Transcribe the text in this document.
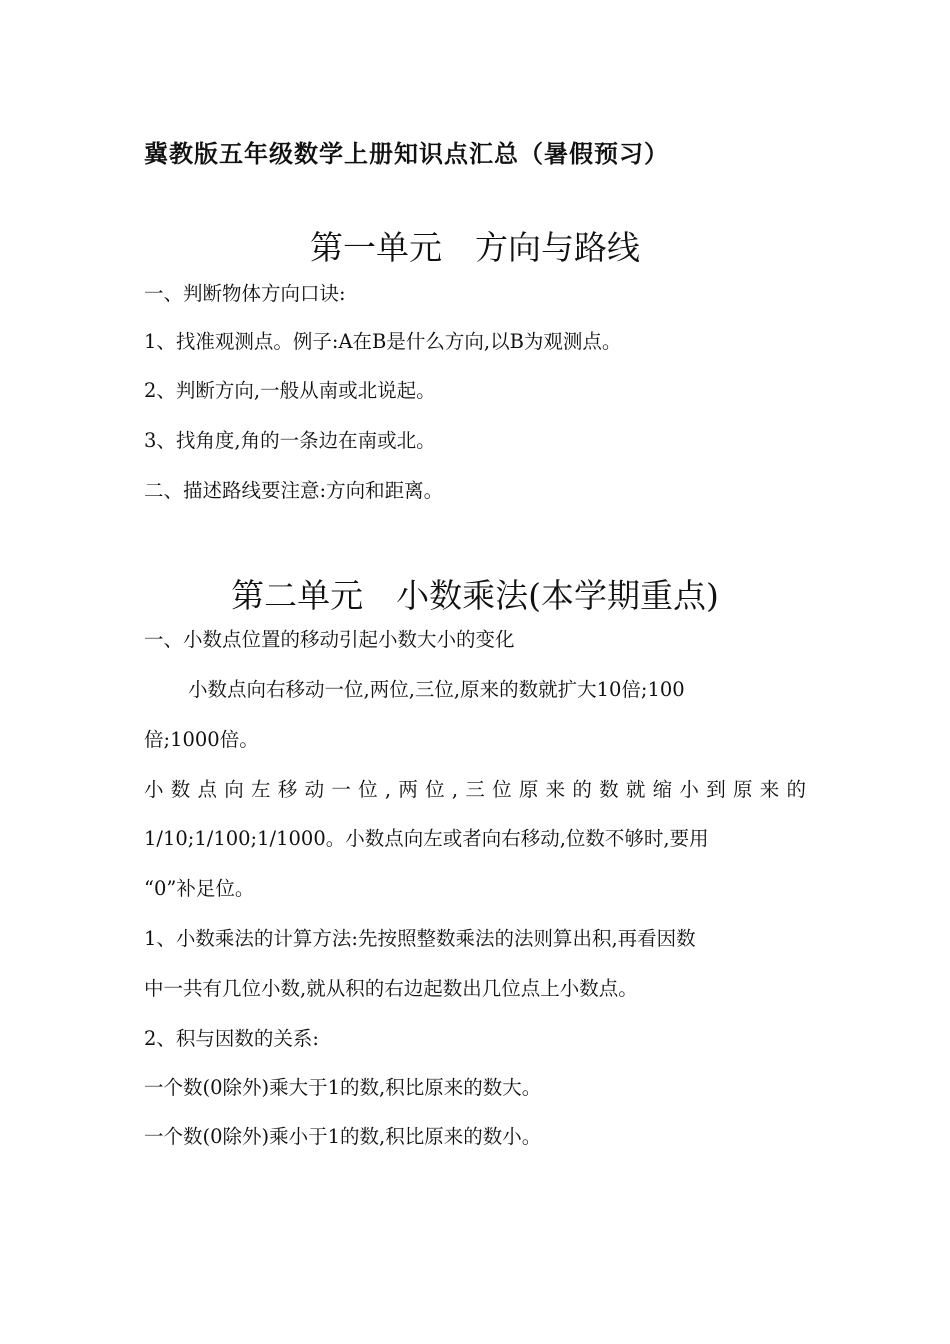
冀教版五年级数学上册知识点汇总（暑假预习）
第一单元　方向与路线
一、判断物体方向口诀:
1、找准观测点。例子:A在B是什么方向,以B为观测点。
2、判断方向,一般从南或北说起。
3、找角度,角的一条边在南或北。
二、描述路线要注意:方向和距离。
第二单元　小数乘法(本学期重点)
一、小数点位置的移动引起小数大小的变化
小数点向右移动一位,两位,三位,原来的数就扩大10倍;100
倍;1000倍。
小数点向左移动一位,两位,三位原来的数就缩小到原来的
1/10;1/100;1/1000。小数点向左或者向右移动,位数不够时,要用
“0”补足位。
1、小数乘法的计算方法:先按照整数乘法的法则算出积,再看因数
中一共有几位小数,就从积的右边起数出几位点上小数点。
2、积与因数的关系:
一个数(0除外)乘大于1的数,积比原来的数大。
一个数(0除外)乘小于1的数,积比原来的数小。
